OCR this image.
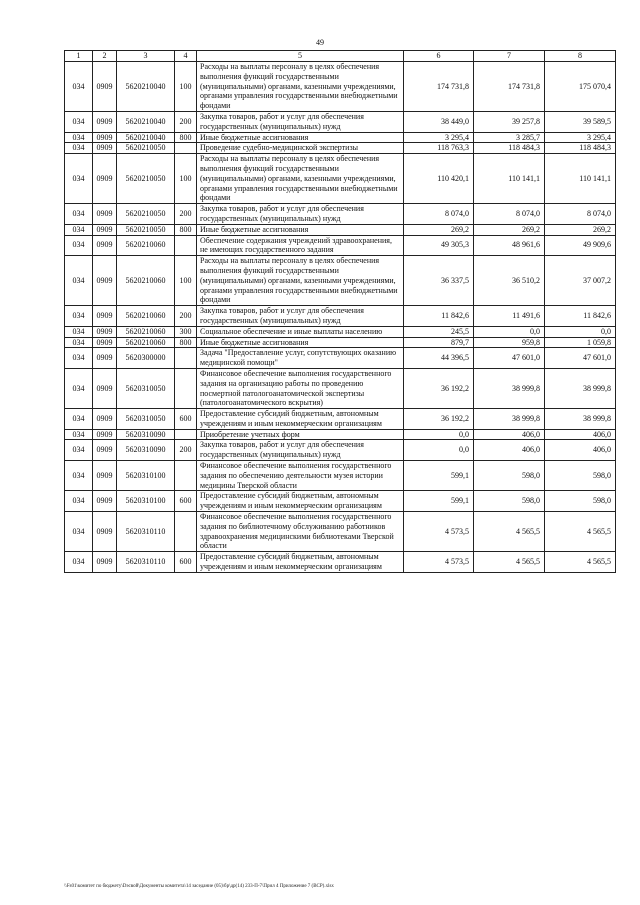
49
1	2	3	4	5	6	7	8
034	0909	5620210040	100	Расходы на выплаты персоналу в целях обеспечения выполнения функций государственными (муниципальными) органами, казенными учреждениями, органами управления государственными внебюджетными фондами	174 731,8	174 731,8	175 070,4
034	0909	5620210040	200	Закупка товаров, работ и услуг для обеспечения государственных (муниципальных) нужд	38 449,0	39 257,8	39 589,5
034	0909	5620210040	800	Иные бюджетные ассигнования	3 295,4	3 285,7	3 295,4
034	0909	5620210050		Проведение судебно-медицинской экспертизы	118 763,3	118 484,3	118 484,3
034	0909	5620210050	100	Расходы на выплаты персоналу в целях обеспечения выполнения функций государственными (муниципальными) органами, казенными учреждениями, органами управления государственными внебюджетными фондами	110 420,1	110 141,1	110 141,1
034	0909	5620210050	200	Закупка товаров, работ и услуг для обеспечения государственных (муниципальных) нужд	8 074,0	8 074,0	8 074,0
034	0909	5620210050	800	Иные бюджетные ассигнования	269,2	269,2	269,2
034	0909	5620210060		Обеспечение содержания учреждений здравоохранения, не имеющих государственного задания	49 305,3	48 961,6	49 909,6
034	0909	5620210060	100	Расходы на выплаты персоналу в целях обеспечения выполнения функций государственными (муниципальными) органами, казенными учреждениями, органами управления государственными внебюджетными фондами	36 337,5	36 510,2	37 007,2
034	0909	5620210060	200	Закупка товаров, работ и услуг для обеспечения государственных (муниципальных) нужд	11 842,6	11 491,6	11 842,6
034	0909	5620210060	300	Социальное обеспечение и иные выплаты населению	245,5	0,0	0,0
034	0909	5620210060	800	Иные бюджетные ассигнования	879,7	959,8	1 059,8
034	0909	5620300000		Задача "Предоставление услуг, сопутствующих оказанию медицинской помощи"	44 396,5	47 601,0	47 601,0
034	0909	5620310050		Финансовое обеспечение выполнения государственного задания на организацию работы по проведению посмертной патологоанатомической экспертизы (патологоанатомического вскрытия)	36 192,2	38 999,8	38 999,8
034	0909	5620310050	600	Предоставление субсидий бюджетным, автономным учреждениям и иным некоммерческим организациям	36 192,2	38 999,8	38 999,8
034	0909	5620310090		Приобретение учетных форм	0,0	406,0	406,0
034	0909	5620310090	200	Закупка товаров, работ и услуг для обеспечения государственных (муниципальных) нужд	0,0	406,0	406,0
034	0909	5620310100		Финансовое обеспечение выполнения государственного задания по обеспечению деятельности музея истории медицины Тверской области	599,1	598,0	598,0
034	0909	5620310100	600	Предоставление субсидий бюджетным, автономным учреждениям и иным некоммерческим организациям	599,1	598,0	598,0
034	0909	5620310110		Финансовое обеспечение выполнения государственного задания по библиотечному обслуживанию работников здравоохранения медицинскими библиотеками Тверской области	4 573,5	4 565,5	4 565,5
034	0909	5620310110	600	Предоставление субсидий бюджетным, автономным учреждениям и иным некоммерческим организациям	4 573,5	4 565,5	4 565,5
\\Fs01\комитет по бюджету\Dэсвой\Документы комитета\14 заседание (05)\бр\др(14) 233-П-7\Прил 4 Приложение 7 (ВСР).xlsx
